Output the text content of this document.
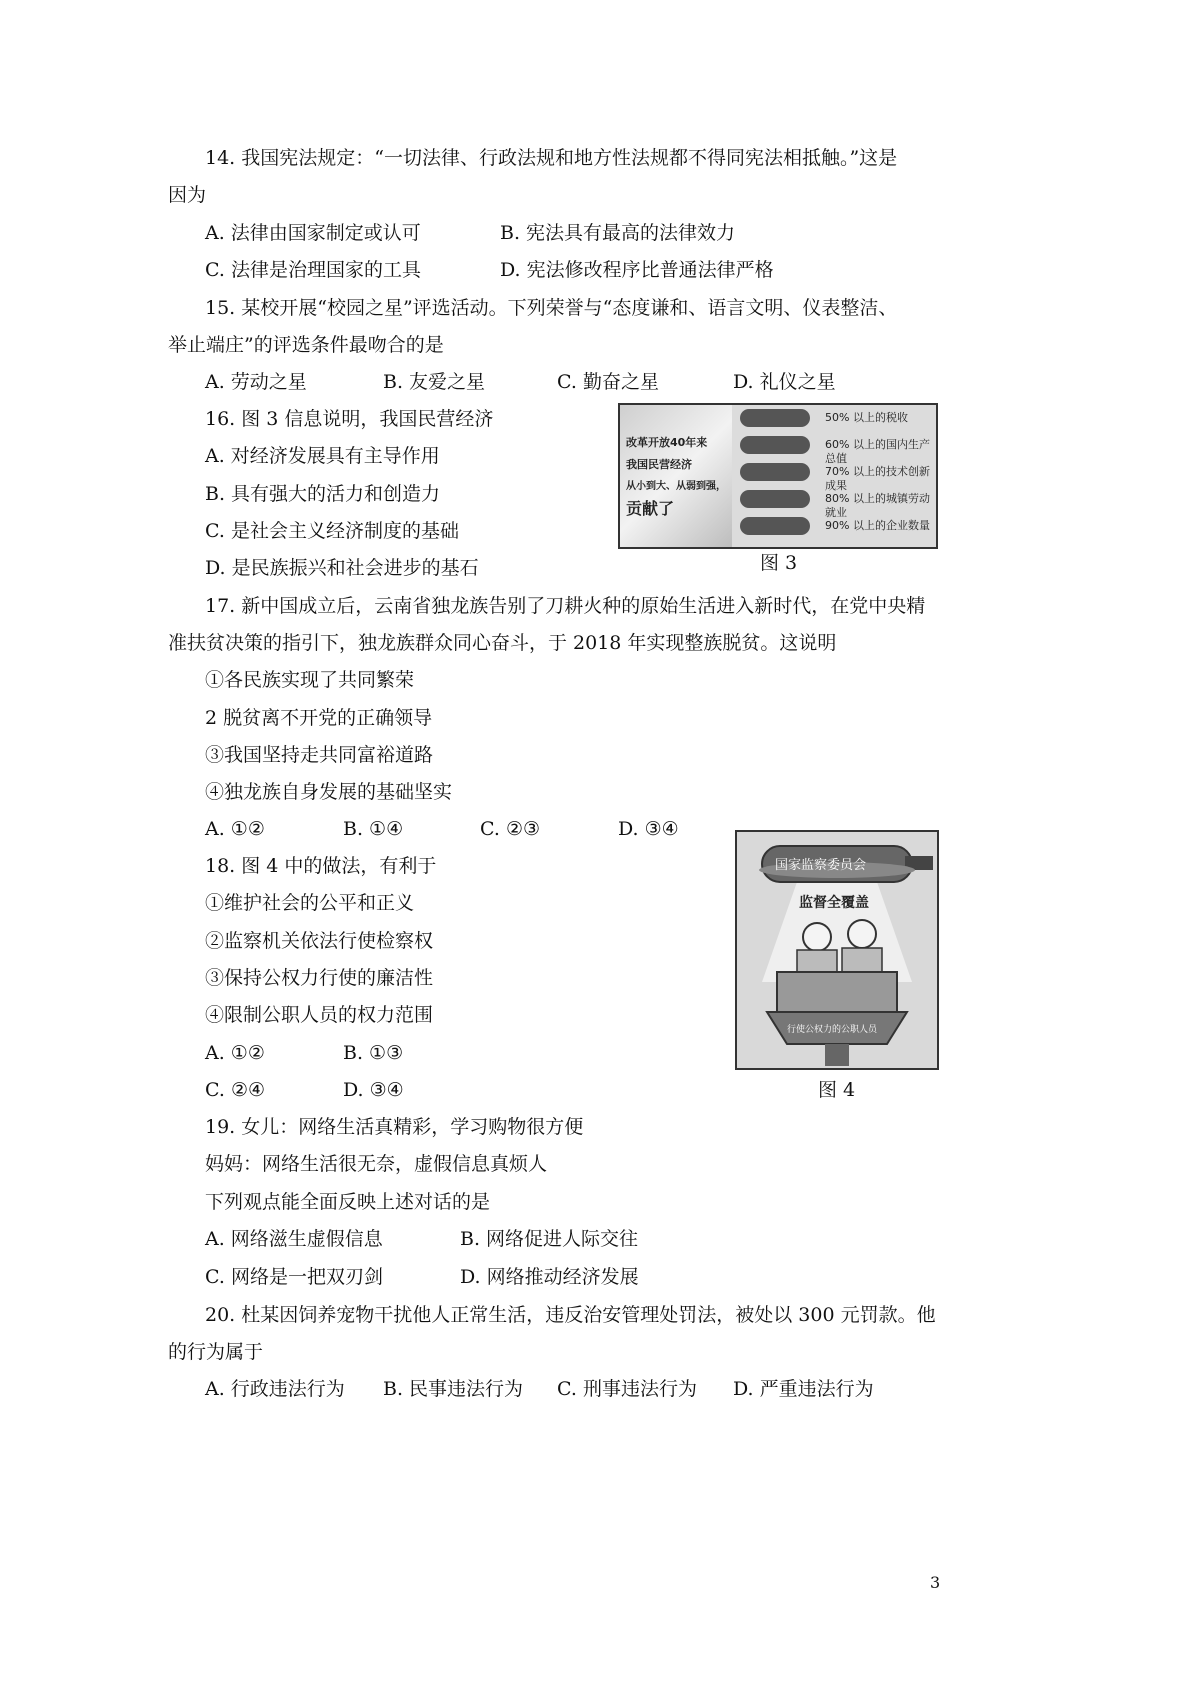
14. 我国宪法规定：“一切法律、行政法规和地方性法规都不得同宪法相抵触。”这是
因为
A. 法律由国家制定或认可	B. 宪法具有最高的法律效力
C. 法律是治理国家的工具	D. 宪法修改程序比普通法律严格
15. 某校开展“校园之星”评选活动。下列荣誉与“态度谦和、语言文明、仪表整洁、
举止端庄”的评选条件最吻合的是
A. 劳动之星	B. 友爱之星	C. 勤奋之星	D. 礼仪之星
16. 图 3 信息说明，我国民营经济
A. 对经济发展具有主导作用
B. 具有强大的活力和创造力
C. 是社会主义经济制度的基础
D. 是民族振兴和社会进步的基石
改革开放40年来
我国民营经济
从小到大、从弱到强，
贡献了
50% 以上的税收
60% 以上的国内生产总值
70% 以上的技术创新成果
80% 以上的城镇劳动就业
90% 以上的企业数量
图 3
17. 新中国成立后，云南省独龙族告别了刀耕火种的原始生活进入新时代，在党中央精
准扶贫决策的指引下，独龙族群众同心奋斗，于 2018 年实现整族脱贫。这说明
①各民族实现了共同繁荣
2 脱贫离不开党的正确领导
③我国坚持走共同富裕道路
④独龙族自身发展的基础坚实
A. ①②	B. ①④	C. ②③	D. ③④
18. 图 4 中的做法，有利于
①维护社会的公平和正义
②监察机关依法行使检察权
③保持公权力行使的廉洁性
④限制公职人员的权力范围
A. ①②	B. ①③
C. ②④	D. ③④
国家监察委员会
监督全覆盖
行使公权力的公职人员
图 4
19. 女儿：网络生活真精彩，学习购物很方便
妈妈：网络生活很无奈，虚假信息真烦人
下列观点能全面反映上述对话的是
A. 网络滋生虚假信息	B. 网络促进人际交往
C. 网络是一把双刃剑	D. 网络推动经济发展
20. 杜某因饲养宠物干扰他人正常生活，违反治安管理处罚法，被处以 300 元罚款。他
的行为属于
A. 行政违法行为 B. 民事违法行为 C. 刑事违法行为 D. 严重违法行为
3
